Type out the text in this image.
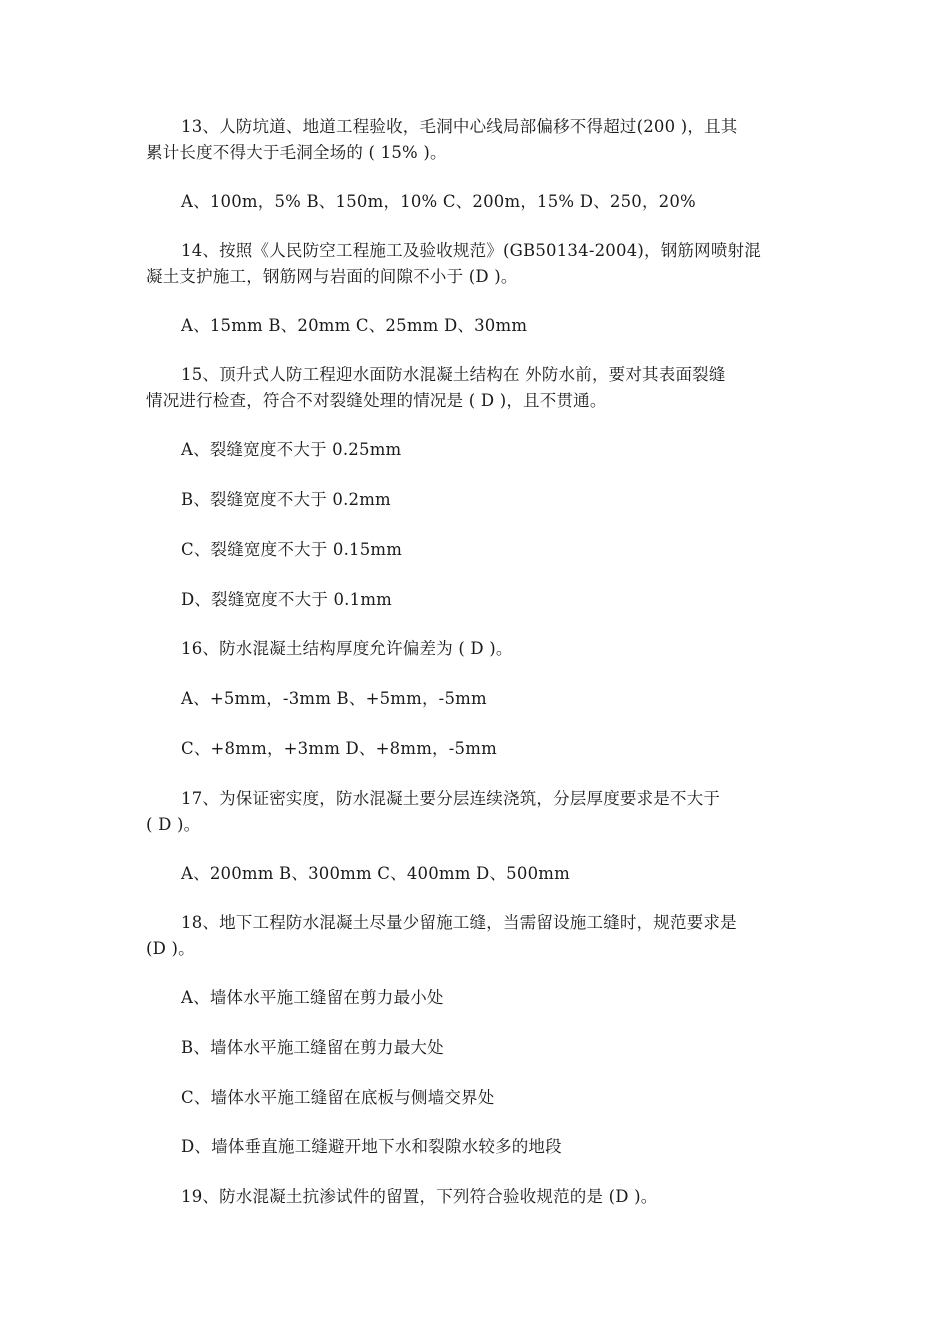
13、人防坑道、地道工程验收，毛洞中心线局部偏移不得超过(200 )，且其
累计长度不得大于毛洞全场的 ( 15% )。
A、100m，5% B、150m，10% C、200m，15% D、250，20%
14、按照《人民防空工程施工及验收规范》(GB50134-2004)，钢筋网喷射混
凝土支护施工，钢筋网与岩面的间隙不小于 (D )。
A、15mm B、20mm C、25mm D、30mm
15、顶升式人防工程迎水面防水混凝土结构在 外防水前，要对其表面裂缝
情况进行检查，符合不对裂缝处理的情况是 ( D )，且不贯通。
A、裂缝宽度不大于 0.25mm
B、裂缝宽度不大于 0.2mm
C、裂缝宽度不大于 0.15mm
D、裂缝宽度不大于 0.1mm
16、防水混凝土结构厚度允许偏差为 ( D )。
A、+5mm，-3mm B、+5mm，-5mm
C、+8mm，+3mm D、+8mm，-5mm
17、为保证密实度，防水混凝土要分层连续浇筑，分层厚度要求是不大于
( D )。
A、200mm B、300mm C、400mm D、500mm
18、地下工程防水混凝土尽量少留施工缝，当需留设施工缝时，规范要求是
(D )。
A、墙体水平施工缝留在剪力最小处
B、墙体水平施工缝留在剪力最大处
C、墙体水平施工缝留在底板与侧墙交界处
D、墙体垂直施工缝避开地下水和裂隙水较多的地段
19、防水混凝土抗渗试件的留置，下列符合验收规范的是 (D )。
